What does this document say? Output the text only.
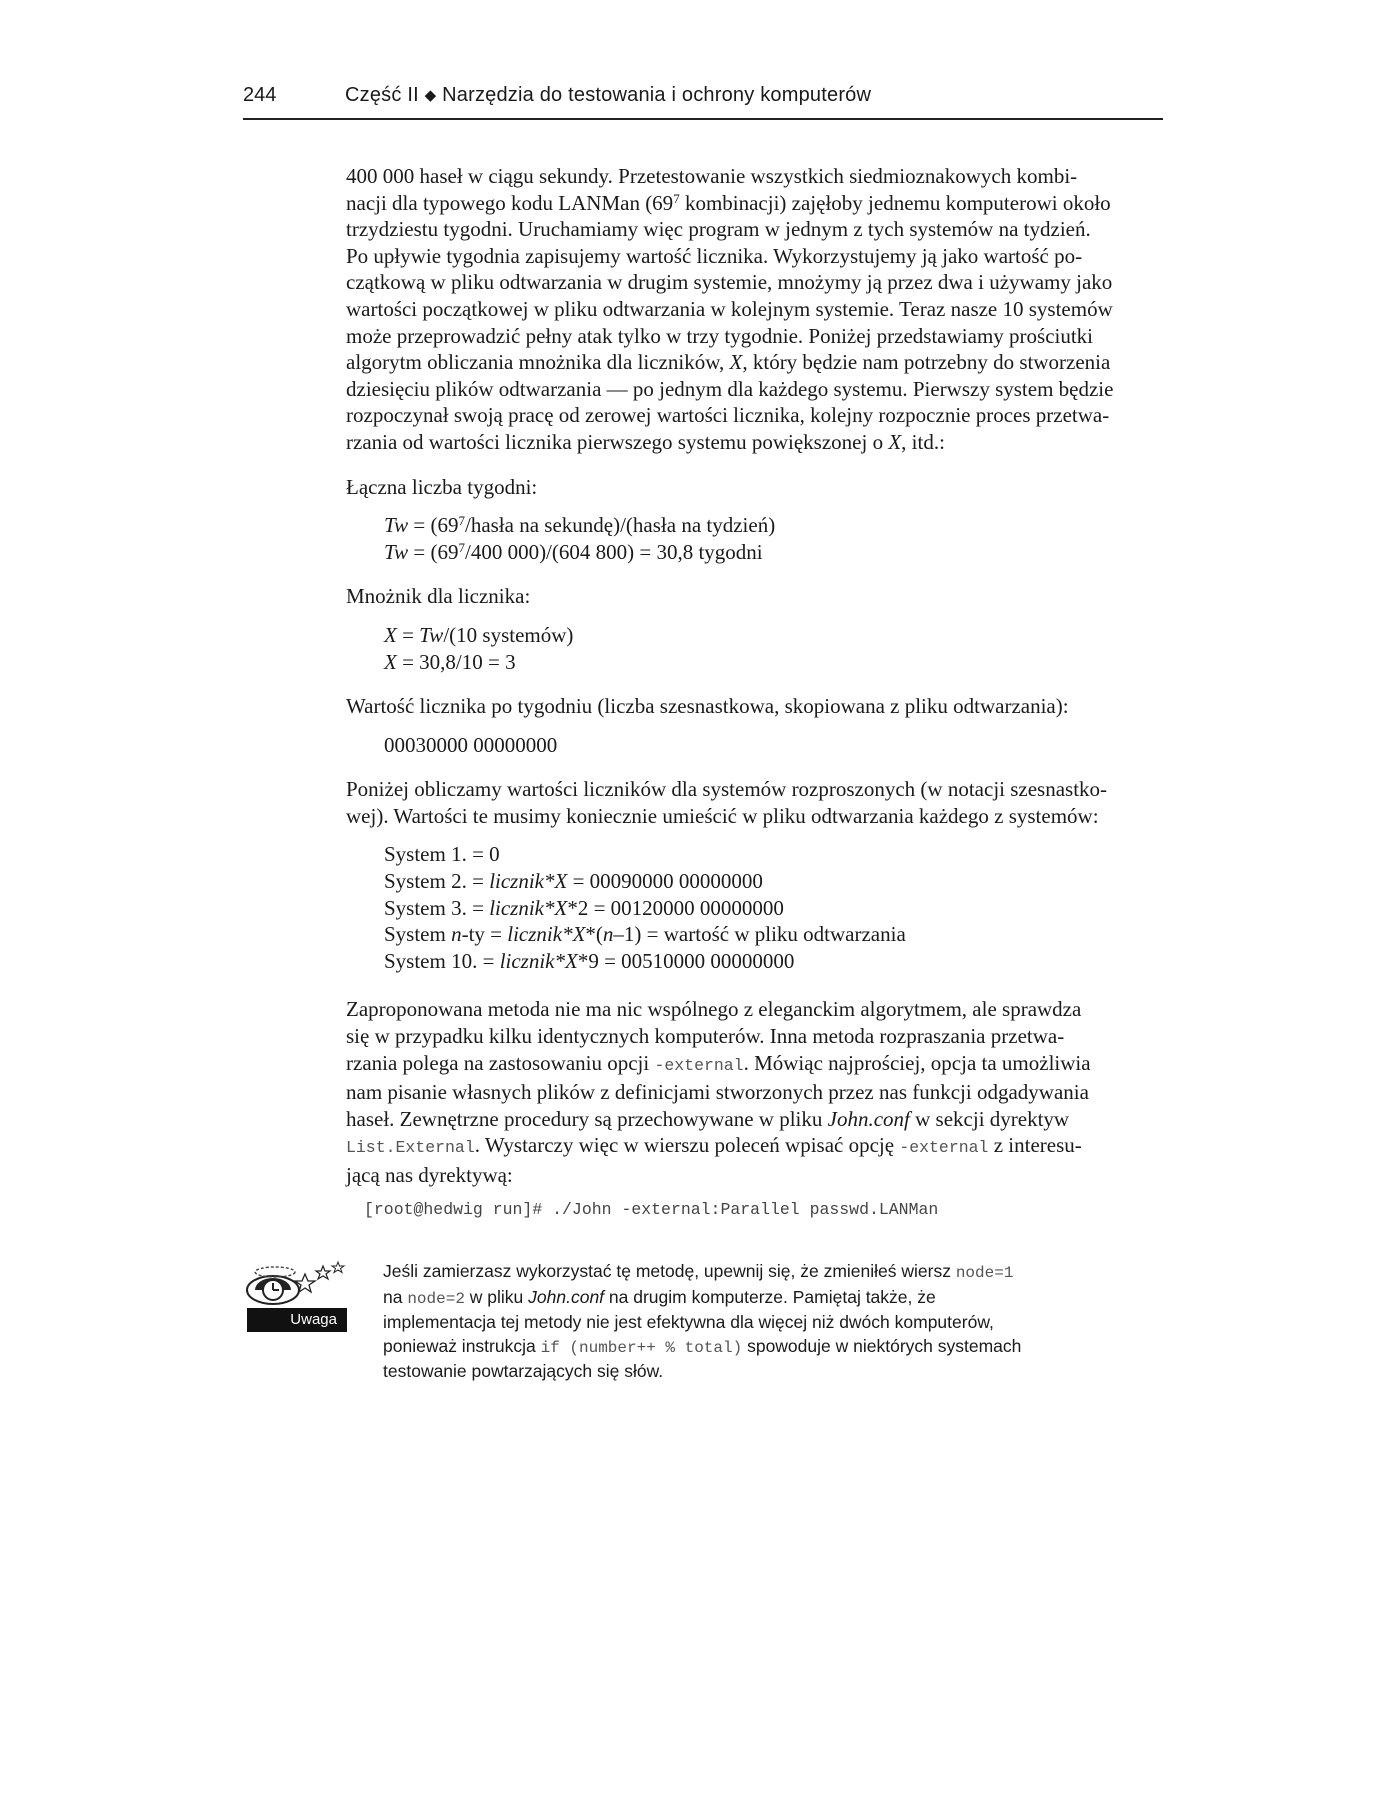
244	Część II ◆ Narzędzia do testowania i ochrony komputerów
400 000 haseł w ciągu sekundy. Przetestowanie wszystkich siedmioznakowych kombi-
nacji dla typowego kodu LANMan ($69^7$ kombinacji) zajęłoby jednemu komputerowi około
trzydziestu tygodni. Uruchamiamy więc program w jednym z tych systemów na tydzień.
Po upływie tygodnia zapisujemy wartość licznika. Wykorzystujemy ją jako wartość po-
czątkową w pliku odtwarzania w drugim systemie, mnożymy ją przez dwa i używamy jako
wartości początkowej w pliku odtwarzania w kolejnym systemie. Teraz nasze 10 systemów
może przeprowadzić pełny atak tylko w trzy tygodnie. Poniżej przedstawiamy prościutki
algorytm obliczania mnożnika dla liczników, X, który będzie nam potrzebny do stworzenia
dziesięciu plików odtwarzania — po jednym dla każdego systemu. Pierwszy system będzie
rozpoczynał swoją pracę od zerowej wartości licznika, kolejny rozpocznie proces przetwa-
rzania od wartości licznika pierwszego systemu powiększonej o X, itd.:
Łączna liczba tygodni:
$Tw = (69^7$/hasła na sekundę)/(hasła na tydzień)
$Tw = (69^7/400$ 000)/(604 800) = 30,8 tygodni
Mnożnik dla licznika:
X = Tw/(10 systemów)
X = 30,8/10 = 3
Wartość licznika po tygodniu (liczba szesnastkowa, skopiowana z pliku odtwarzania):
00030000 00000000
Poniżej obliczamy wartości liczników dla systemów rozproszonych (w notacji szesnastko-
wej). Wartości te musimy koniecznie umieścić w pliku odtwarzania każdego z systemów:
System 1. = 0
System 2. = licznik*X = 00090000 00000000
System 3. = licznik*X*2 = 00120000 00000000
System n-ty = licznik*X*(n–1) = wartość w pliku odtwarzania
System 10. = licznik*X*9 = 00510000 00000000
Zaproponowana metoda nie ma nic wspólnego z eleganckim algorytmem, ale sprawdza
się w przypadku kilku identycznych komputerów. Inna metoda rozpraszania przetwa-
rzania polega na zastosowaniu opcji -external. Mówiąc najprościej, opcja ta umożliwia
nam pisanie własnych plików z definicjami stworzonych przez nas funkcji odgadywania
haseł. Zewnętrzne procedury są przechowywane w pliku John.conf w sekcji dyrektyw
List.External. Wystarczy więc w wierszu poleceń wpisać opcję -external z interesu-
jącą nas dyrektywą:
[root@hedwig run]# ./John -external:Parallel passwd.LANMan
Uwaga
Jeśli zamierzasz wykorzystać tę metodę, upewnij się, że zmieniłeś wiersz node=1
na node=2 w pliku John.conf na drugim komputerze. Pamiętaj także, że
implementacja tej metody nie jest efektywna dla więcej niż dwóch komputerów,
ponieważ instrukcja if (number++ % total) spowoduje w niektórych systemach
testowanie powtarzających się słów.
